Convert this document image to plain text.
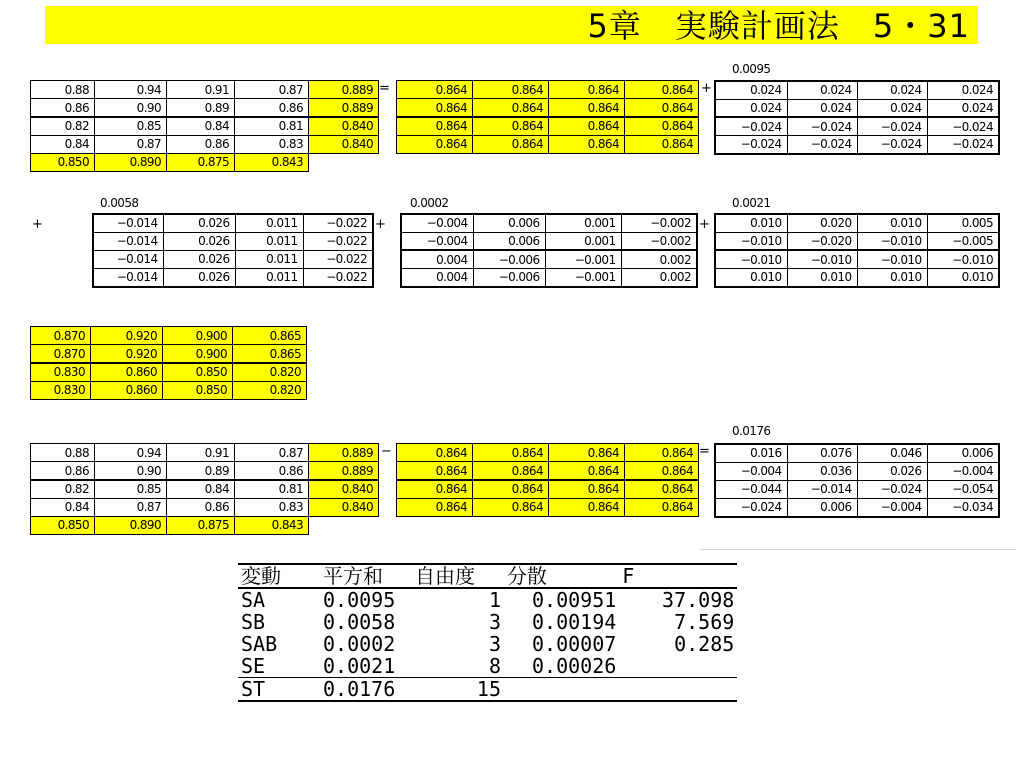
5章　実験計画法　5・31
0.88	0.94	0.91	0.87	0.889
0.86	0.90	0.89	0.86	0.889
0.82	0.85	0.84	0.81	0.840
0.84	0.87	0.86	0.83	0.840
0.850	0.890	0.875	0.843	
=	0.864	0.864	0.864	0.864
0.864	0.864	0.864	0.864
0.864	0.864	0.864	0.864
0.864	0.864	0.864	0.864
+
0.0095
0.024	0.024	0.024	0.024
0.024	0.024	0.024	0.024
−0.024	−0.024	−0.024	−0.024
−0.024	−0.024	−0.024	−0.024
+
0.0058
−0.014	0.026	0.011	−0.022
−0.014	0.026	0.011	−0.022
−0.014	0.026	0.011	−0.022
−0.014	0.026	0.011	−0.022
+
0.0002
−0.004	0.006	0.001	−0.002
−0.004	0.006	0.001	−0.002
0.004	−0.006	−0.001	0.002
0.004	−0.006	−0.001	0.002
+
0.0021
0.010	0.020	0.010	0.005
−0.010	−0.020	−0.010	−0.005
−0.010	−0.010	−0.010	−0.010
0.010	0.010	0.010	0.010
0.870	0.920	0.900	0.865
0.870	0.920	0.900	0.865
0.830	0.860	0.850	0.820
0.830	0.860	0.850	0.820
0.88	0.94	0.91	0.87	0.889
0.86	0.90	0.89	0.86	0.889
0.82	0.85	0.84	0.81	0.840
0.84	0.87	0.86	0.83	0.840
0.850	0.890	0.875	0.843	
−	0.864	0.864	0.864	0.864
0.864	0.864	0.864	0.864
0.864	0.864	0.864	0.864
0.864	0.864	0.864	0.864
=
0.0176
0.016	0.076	0.046	0.006
−0.004	0.036	0.026	−0.004
−0.044	−0.014	−0.024	−0.054
−0.024	0.006	−0.004	−0.034
変動	平方和	自由度	分散	F
SA	0.0095	1	0.00951	37.098
SB	0.0058	3	0.00194	7.569
SAB	0.0002	3	0.00007	0.285
SE	0.0021	8	0.00026	
ST	0.0176	15		
